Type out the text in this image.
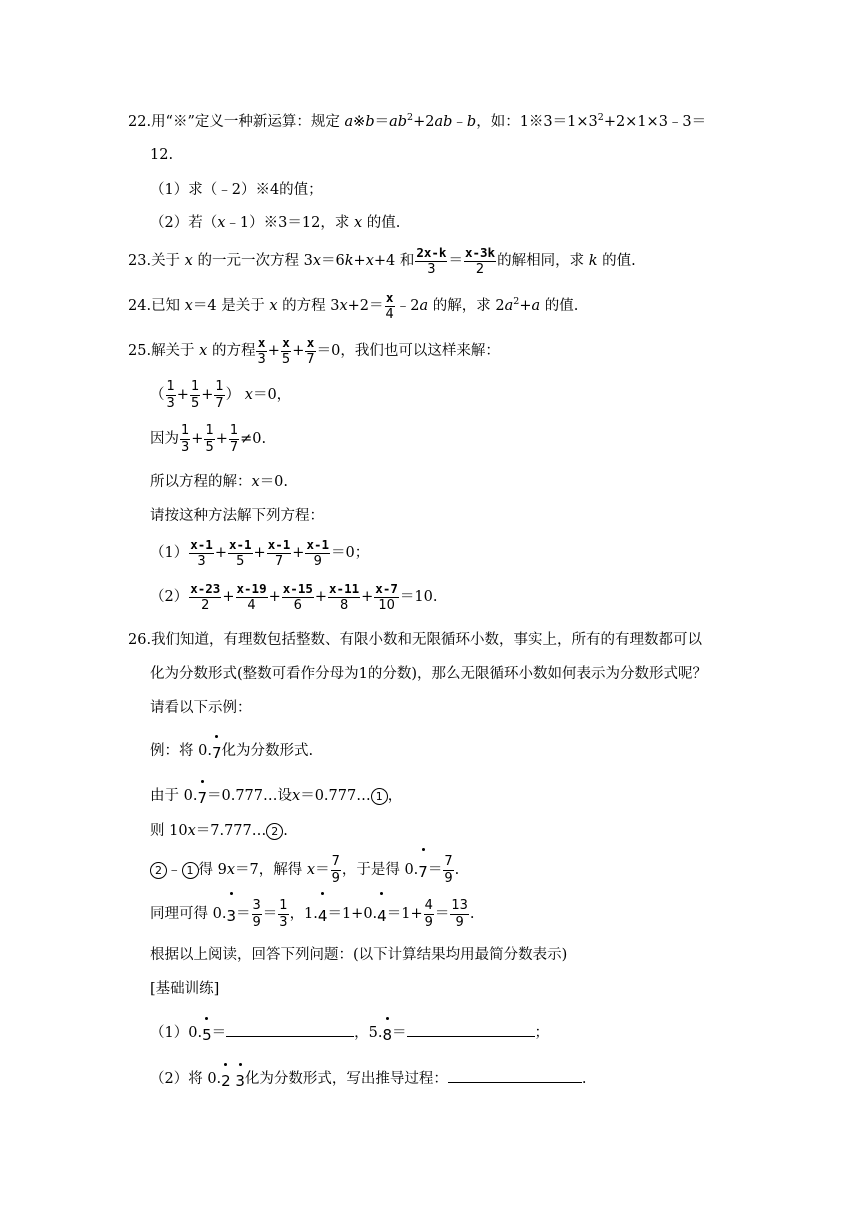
22.用“※”定义一种新运算：规定 $a※b=ab^2+2ab﹣b$，如：$1※3=1\times 3^2+2\times 1\times 3﹣3=$
12.
（1）求（﹣2）※4的值；
（2）若（x﹣1）※3＝12，求 x 的值.
23.关于 x 的一元一次方程 3x＝6k+x+4 和 $\frac{2x-k}{3} = \frac{x-3k}{2}$ 的解相同，求 k 的值.
24.已知 x＝4 是关于 x 的方程 $3x+2= \frac{x}{4}$ ﹣2a 的解，求 $2a^2+a$ 的值.
25.解关于 x 的方程 $\frac{x}{3} + \frac{x}{5} + \frac{x}{7} =0$，我们也可以这样来解：
（ $\frac{1}{3} + \frac{1}{5} + \frac{1}{7}$ ） x＝0，
因为 $\frac{1}{3} + \frac{1}{5} + \frac{1}{7} \ne 0$.
所以方程的解：x＝0.
请按这种方法解下列方程：
$(1) \frac{x-1}{3} + \frac{x-1}{5} + \frac{x-1}{7} + \frac{x-1}{9} =0$；
$(2) \frac{x-23}{2} + \frac{x-19}{4} + \frac{x-15}{6} + \frac{x-11}{8} + \frac{x-7}{10} =10$.
26.我们知道，有理数包括整数、有限小数和无限循环小数，事实上，所有的有理数都可以
化为分数形式(整数可看作分母为1的分数)，那么无限循环小数如何表示为分数形式呢？
请看以下示例：
例：将 0.7化为分数形式.
由于 0.7＝0.777…设x＝0.777… 1 ，
则 10x＝7.777… 2 .
2 ﹣ 1 得 9x＝7，解得 $x= \frac{7}{9}$ ，于是得 $0.7= \frac{7}{9}$ .
同理可得 $0.3= \frac{3}{9} = \frac{1}{3}$ ，$1.4=1+0.4=1+ \frac{4}{9} = \frac{13}{9}$ .
根据以上阅读，回答下列问题：(以下计算结果均用最简分数表示)
[基础训练]
（1）0.5＝	，5.8＝	；
（2）将 0.2 3化为分数形式，写出推导过程：	.
